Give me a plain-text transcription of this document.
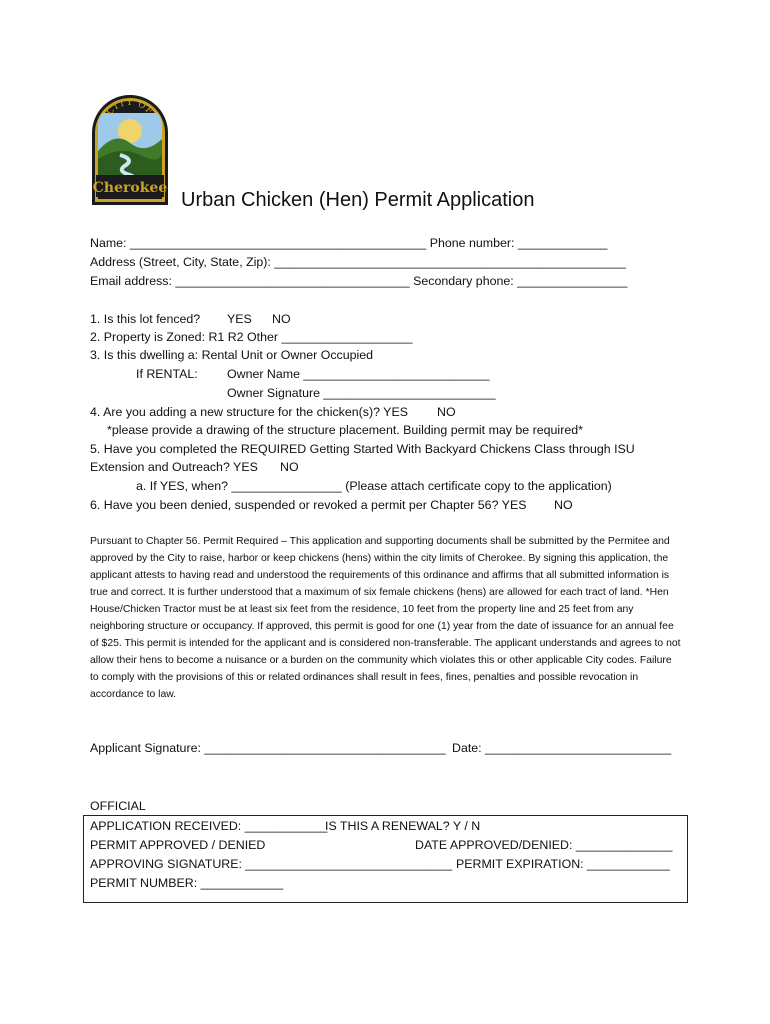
CITY OF
Cherokee
Urban Chicken (Hen) Permit Application
Name: ___________________________________________ Phone number: _____________
Address (Street, City, State, Zip): ___________________________________________________
Email address: __________________________________ Secondary phone: ________________
1. Is this lot fenced? YES NO
2. Property is Zoned: R1 R2 Other ___________________
3. Is this dwelling a: Rental Unit or Owner Occupied
If RENTAL: Owner Name ___________________________
Owner Signature _________________________
4. Are you adding a new structure for the chicken(s)? YES NO
*please provide a drawing of the structure placement. Building permit may be required*
5. Have you completed the REQUIRED Getting Started With Backyard Chickens Class through ISU
Extension and Outreach? YES NO
a. If YES, when? ________________ (Please attach certificate copy to the application)
6. Have you been denied, suspended or revoked a permit per Chapter 56? YES NO
Pursuant to Chapter 56. Permit Required – This application and supporting documents shall be submitted by the Permitee and approved by the City to raise, harbor or keep chickens (hens) within the city limits of Cherokee. By signing this application, the applicant attests to having read and understood the requirements of this ordinance and affirms that all submitted information is true and correct. It is further understood that a maximum of six female chickens (hens) are allowed for each tract of land. *Hen House/Chicken Tractor must be at least six feet from the residence, 10 feet from the property line and 25 feet from any neighboring structure or occupancy. If approved, this permit is good for one (1) year from the date of issuance for an annual fee of $25. This permit is intended for the applicant and is considered non-transferable. The applicant understands and agrees to not allow their hens to become a nuisance or a burden on the community which violates this or other applicable City codes. Failure to comply with the provisions of this or related ordinances shall result in fees, fines, penalties and possible revocation in accordance to law.
Applicant Signature: ___________________________________ Date: ___________________________
OFFICIAL
APPLICATION RECEIVED: ____________
IS THIS A RENEWAL? Y / N
PERMIT APPROVED / DENIED	DATE APPROVED/DENIED: ______________
APPROVING SIGNATURE: ______________________________ PERMIT EXPIRATION: ____________
PERMIT NUMBER: ____________
